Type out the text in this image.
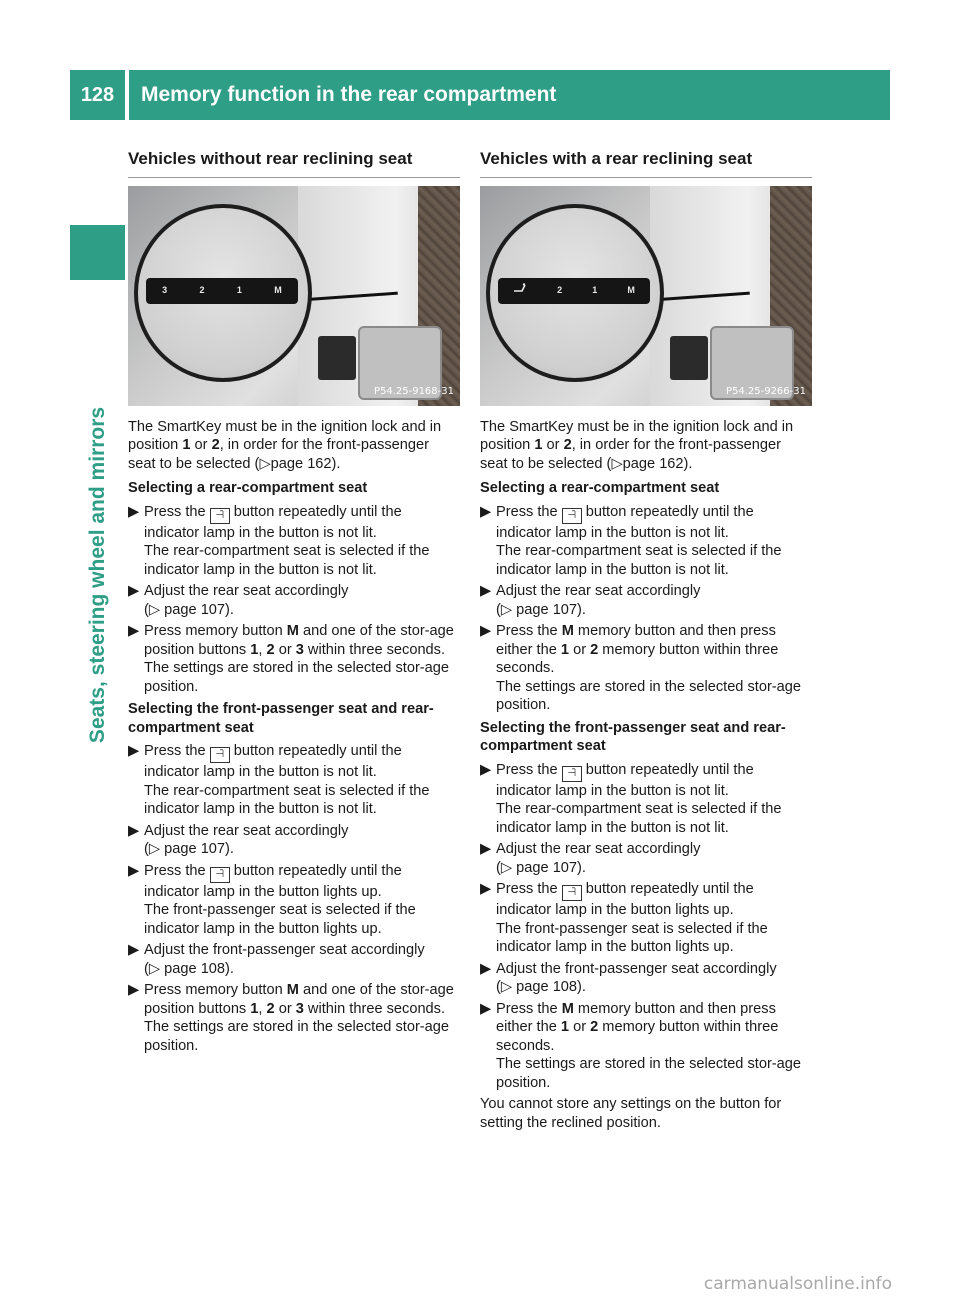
128	Memory function in the rear compartment
Seats, steering wheel and mirrors
Vehicles without rear reclining seat
3	2	1	M
P54.25-9168-31

The SmartKey must be in the ignition lock and in position 1 or 2, in order for the front-passenger seat to be selected (▷page 162).

Selecting a rear-compartment seat
▶ Press the ⊣̄ button repeatedly until the indicator lamp in the button is not lit.
The rear-compartment seat is selected if the indicator lamp in the button is not lit.
▶ Adjust the rear seat accordingly
(▷ page 107).
▶ Press memory button M and one of the stor-age position buttons 1, 2 or 3 within three seconds.
The settings are stored in the selected stor-age position.
Selecting the front-passenger seat and rear-compartment seat
▶ Press the ⊣̄ button repeatedly until the indicator lamp in the button is not lit.
The rear-compartment seat is selected if the indicator lamp in the button is not lit.
▶ Adjust the rear seat accordingly
(▷ page 107).
▶ Press the ⊣̄ button repeatedly until the indicator lamp in the button lights up.
The front-passenger seat is selected if the indicator lamp in the button lights up.
▶ Adjust the front-passenger seat accordingly
(▷ page 108).
▶ Press memory button M and one of the stor-age position buttons 1, 2 or 3 within three seconds.
The settings are stored in the selected stor-age position.
Vehicles with a rear reclining seat
2	1	M
P54.25-9266-31

The SmartKey must be in the ignition lock and in position 1 or 2, in order for the front-passenger seat to be selected (▷page 162).

Selecting a rear-compartment seat
▶ Press the ⊣̄ button repeatedly until the indicator lamp in the button is not lit.
The rear-compartment seat is selected if the indicator lamp in the button is not lit.
▶ Adjust the rear seat accordingly
(▷ page 107).
▶ Press the M memory button and then press either the 1 or 2 memory button within three seconds.
The settings are stored in the selected stor-age position.
Selecting the front-passenger seat and rear-compartment seat
▶ Press the ⊣̄ button repeatedly until the indicator lamp in the button is not lit.
The rear-compartment seat is selected if the indicator lamp in the button is not lit.
▶ Adjust the rear seat accordingly
(▷ page 107).
▶ Press the ⊣̄ button repeatedly until the indicator lamp in the button lights up.
The front-passenger seat is selected if the indicator lamp in the button lights up.
▶ Adjust the front-passenger seat accordingly
(▷ page 108).
▶ Press the M memory button and then press either the 1 or 2 memory button within three seconds.
The settings are stored in the selected stor-age position.

You cannot store any settings on the button for setting the reclined position.

carmanualsonline.info
